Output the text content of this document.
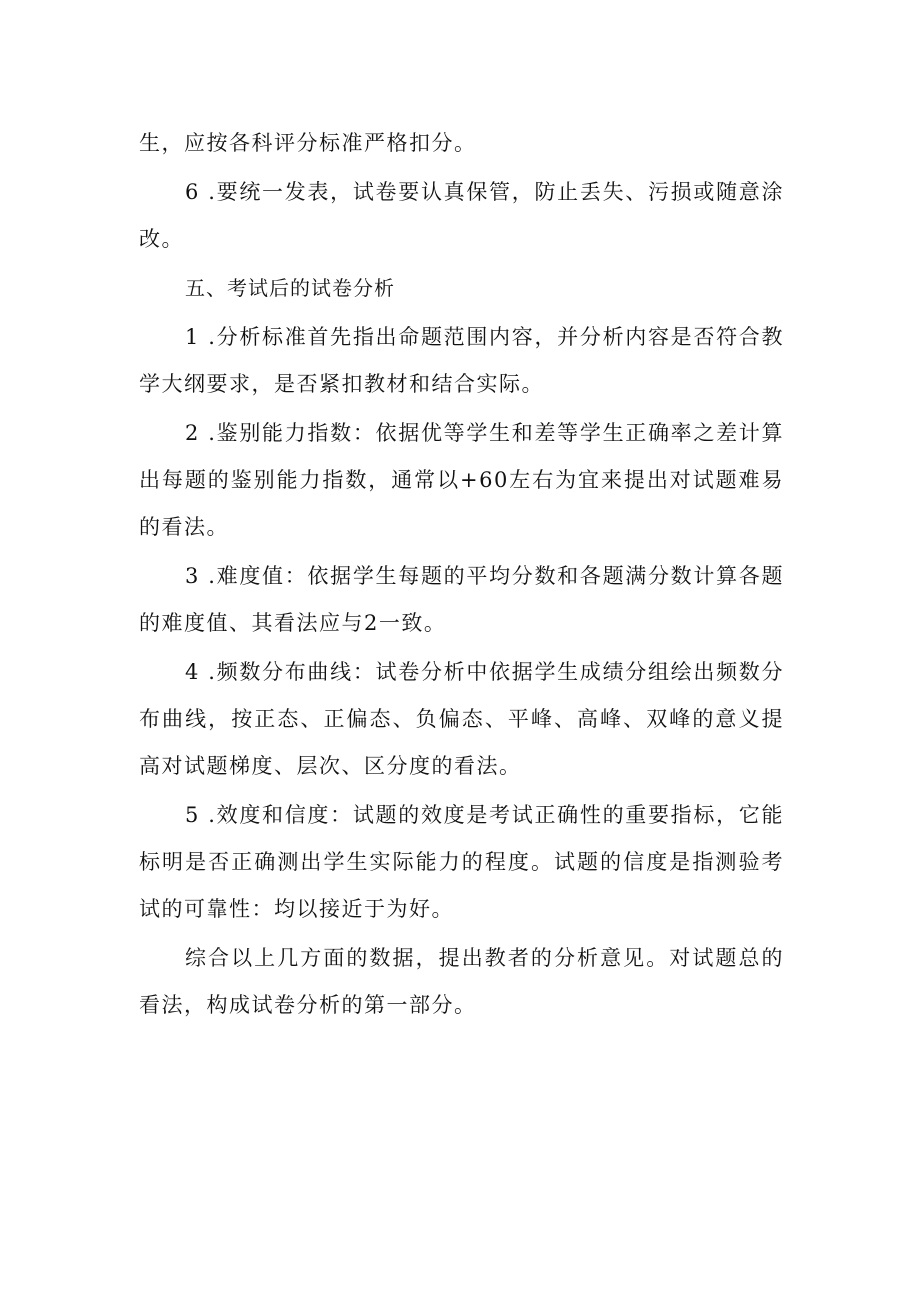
生，应按各科评分标准严格扣分。

6 .要统一发表，试卷要认真保管，防止丢失、污损或随意涂改。

五、考试后的试卷分析

1 .分析标准首先指出命题范围内容，并分析内容是否符合教学大纲要求，是否紧扣教材和结合实际。

2 .鉴别能力指数：依据优等学生和差等学生正确率之差计算出每题的鉴别能力指数，通常以+60左右为宜来提出对试题难易的看法。

3 .难度值：依据学生每题的平均分数和各题满分数计算各题的难度值、其看法应与2一致。

4 .频数分布曲线：试卷分析中依据学生成绩分组绘出频数分布曲线，按正态、正偏态、负偏态、平峰、高峰、双峰的意义提高对试题梯度、层次、区分度的看法。

5 .效度和信度：试题的效度是考试正确性的重要指标，它能标明是否正确测出学生实际能力的程度。试题的信度是指测验考试的可靠性：均以接近于为好。

综合以上几方面的数据，提出教者的分析意见。对试题总的看法，构成试卷分析的第一部分。
